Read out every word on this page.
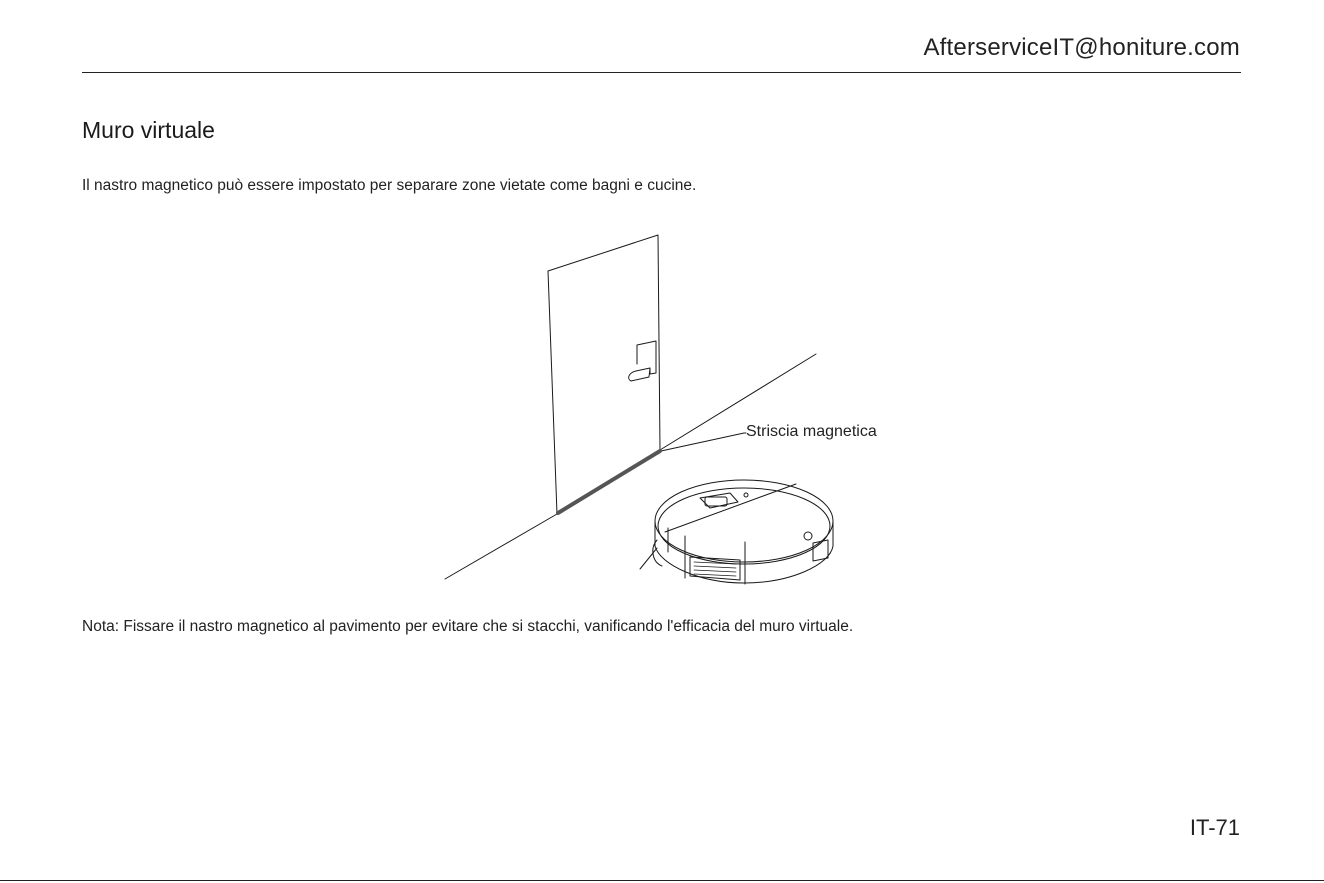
AfterserviceIT@honiture.com
Muro virtuale
Il nastro magnetico può essere impostato per separare zone vietate come bagni e cucine.
Striscia magnetica
Nota: Fissare il nastro magnetico al pavimento per evitare che si stacchi, vanificando l'efficacia del muro virtuale.
IT-71
